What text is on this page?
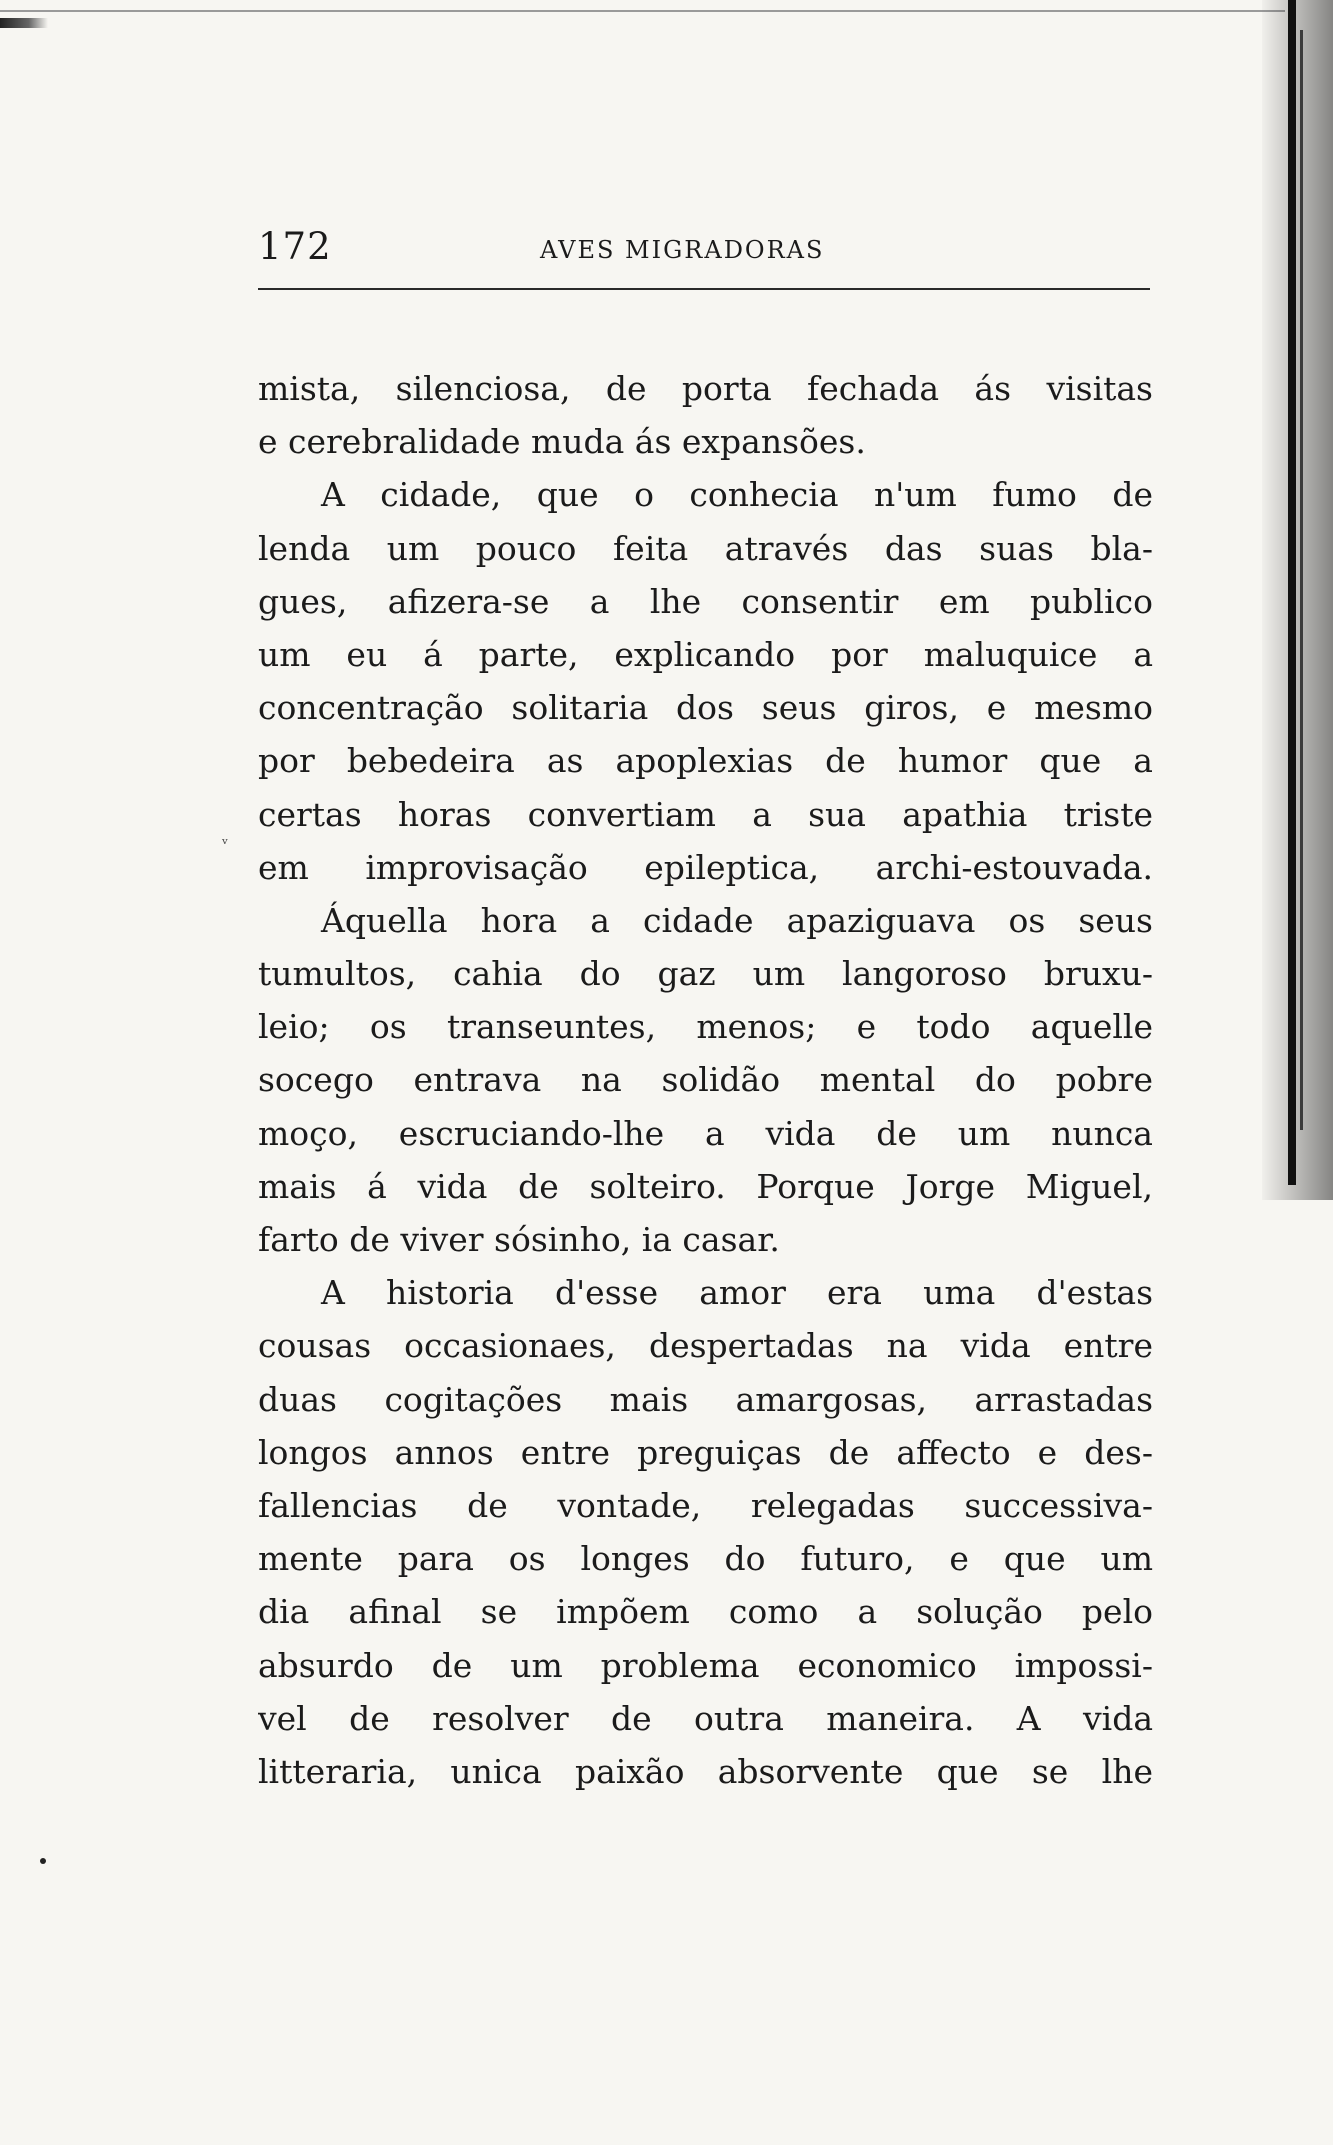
172	AVES MIGRADORAS
ᵛ
mista, silenciosa, de porta fechada ás visitas
e cerebralidade muda ás expansões.
A cidade, que o conhecia n'um fumo de
lenda um pouco feita através das suas bla-
gues, afizera-se a lhe consentir em publico
um eu á parte, explicando por maluquice a
concentração solitaria dos seus giros, e mesmo
por bebedeira as apoplexias de humor que a
certas horas convertiam a sua apathia triste
em improvisação epileptica, archi-estouvada.
Áquella hora a cidade apaziguava os seus
tumultos, cahia do gaz um langoroso bruxu-
leio; os transeuntes, menos; e todo aquelle
socego entrava na solidão mental do pobre
moço, escruciando-lhe a vida de um nunca
mais á vida de solteiro. Porque Jorge Miguel,
farto de viver sósinho, ia casar.
A historia d'esse amor era uma d'estas
cousas occasionaes, despertadas na vida entre
duas cogitações mais amargosas, arrastadas
longos annos entre preguiças de affecto e des-
fallencias de vontade, relegadas successiva-
mente para os longes do futuro, e que um
dia afinal se impõem como a solução pelo
absurdo de um problema economico impossi-
vel de resolver de outra maneira. A vida
litteraria, unica paixão absorvente que se lhe
